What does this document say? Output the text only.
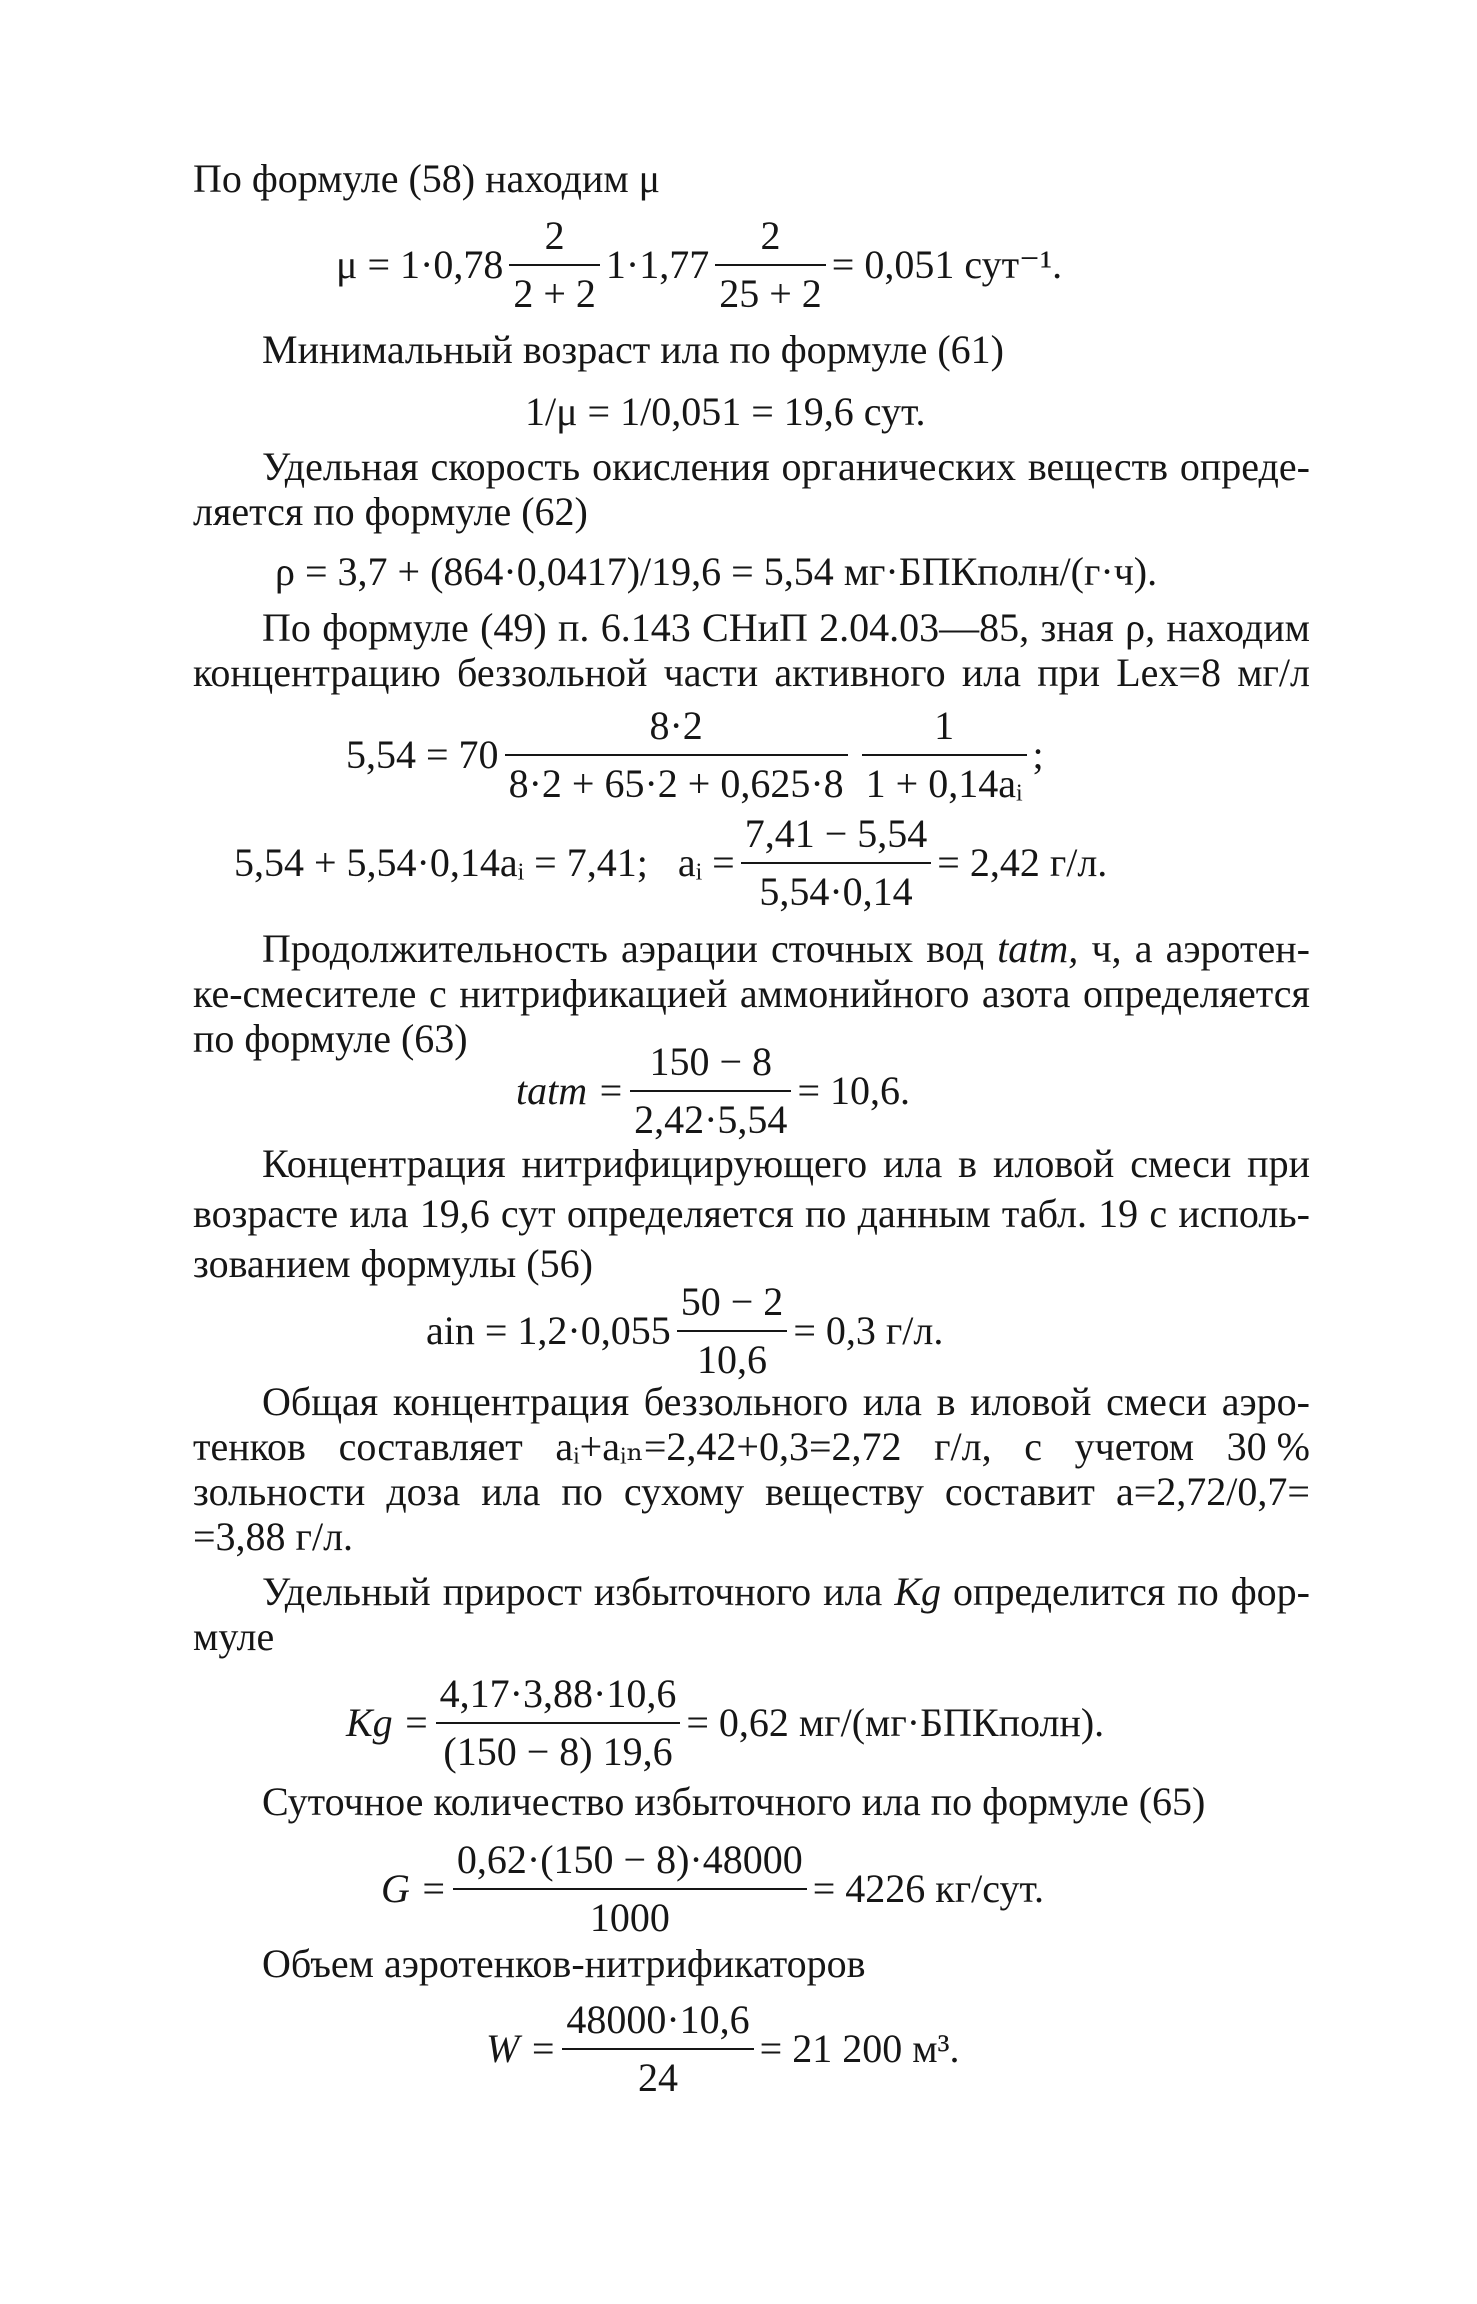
По формуле (58) находим μ
$\mu = 1\cdot 0,78 \frac{2}{2 + 2} 1\cdot 1,77 \frac{2}{25 + 2} = 0,051$ сут⁻¹.
Минимальный возраст ила по формуле (61)
1/μ = 1/0,051 = 19,6 сут.
Удельная скорость окисления органических веществ опреде-
ляется по формуле (62)
ρ = 3,7 + (864·0,0417)/19,6 = 5,54 мг·БПКполн/(г·ч).
По формуле (49) п. 6.143 СНиП 2.04.03—85, зная ρ, находим
концентрацию беззольной части активного ила при Lex=8 мг/л
$5,54 = 70 \frac{8\cdot 2}{8\cdot 2 + 65\cdot 2 + 0,625\cdot 8} \frac{1}{\text{1 + 0,14aᵢ}}$ ;
5,54 + 5,54·0,14aᵢ = 7,41;   aᵢ = $\frac{7,41 - 5,54}{5,54\cdot 0,14} = 2,42$ г/л.
Продолжительность аэрации сточных вод tatm, ч, а аэротен-
ке-смесителе с нитрификацией аммонийного азота определяется
по формуле (63)
tatm = $\frac{150 - 8}{2,42\cdot 5,54} = 10,6$.
Концентрация нитрифицирующего ила в иловой смеси при
возрасте ила 19,6 сут определяется по данным табл. 19 с исполь-
зованием формулы (56)
ain = $1,2\cdot 0,055 \frac{50 - 2}{10,6} = 0,3$ г/л.
Общая концентрация беззольного ила в иловой смеси аэро-
тенков составляет aᵢ+aᵢₙ=2,42+0,3=2,72 г/л, с учетом 30 %
зольности доза ила по сухому веществу составит a=2,72/0,7=
=3,88 г/л.
Удельный прирост избыточного ила Kg определится по фор-
муле
$Kg = \frac{4,17\cdot 3,88\cdot 10,6}{(150 - 8) 19,6} = 0,62$ мг/(мг·БПКполн).
Суточное количество избыточного ила по формуле (65)
$G = \frac{0,62\cdot(150 - 8)\cdot 48000}{1000} = 4226$ кг/сут.
Объем аэротенков-нитрификаторов
$W = \frac{48000\cdot 10,6}{24} = 21$ 200 м³.
